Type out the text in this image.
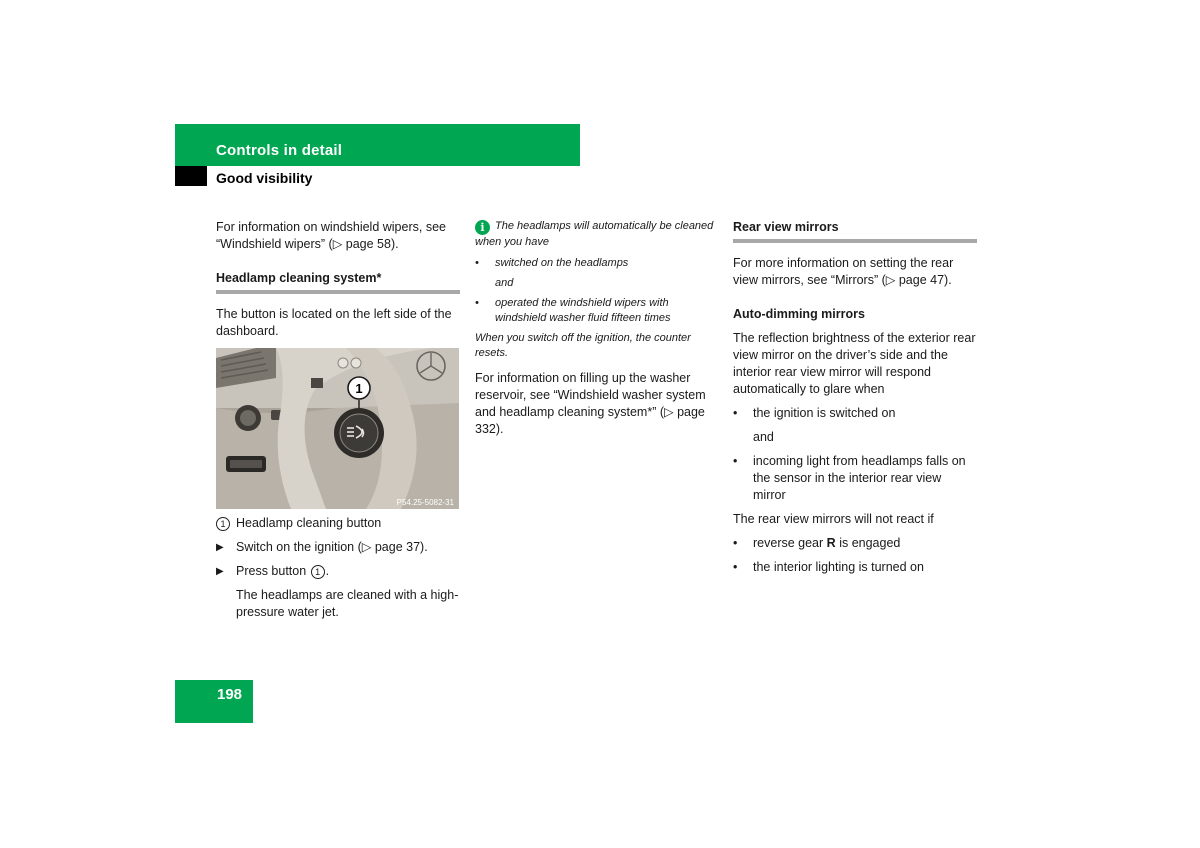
Controls in detail
Good visibility

For information on windshield wipers, see “Windshield wipers” (▷ page 58).

Headlamp cleaning system*

The button is located on the left side of the dashboard.

1
P54.25-5082-31
1 Headlamp cleaning button
▶ Switch on the ignition (▷ page 37).
▶ Press button 1 .

The headlamps are cleaned with a high-pressure water jet.

i The headlamps will automatically be cleaned when you have

•	switched on the headlamps

and

•	operated the windshield wipers with windshield washer fluid fifteen times

When you switch off the ignition, the counter resets.

For information on filling up the washer reservoir, see “Windshield washer system and headlamp cleaning system*” (▷ page 332).

Rear view mirrors

For more information on setting the rear view mirrors, see “Mirrors” (▷ page 47).

Auto-dimming mirrors

The reflection brightness of the exterior rear view mirror on the driver’s side and the interior rear view mirror will respond automatically to glare when

•	the ignition is switched on

and

•	incoming light from headlamps falls on the sensor in the interior rear view mirror

The rear view mirrors will not react if

•	reverse gear R is engaged
•	the interior lighting is turned on
198
